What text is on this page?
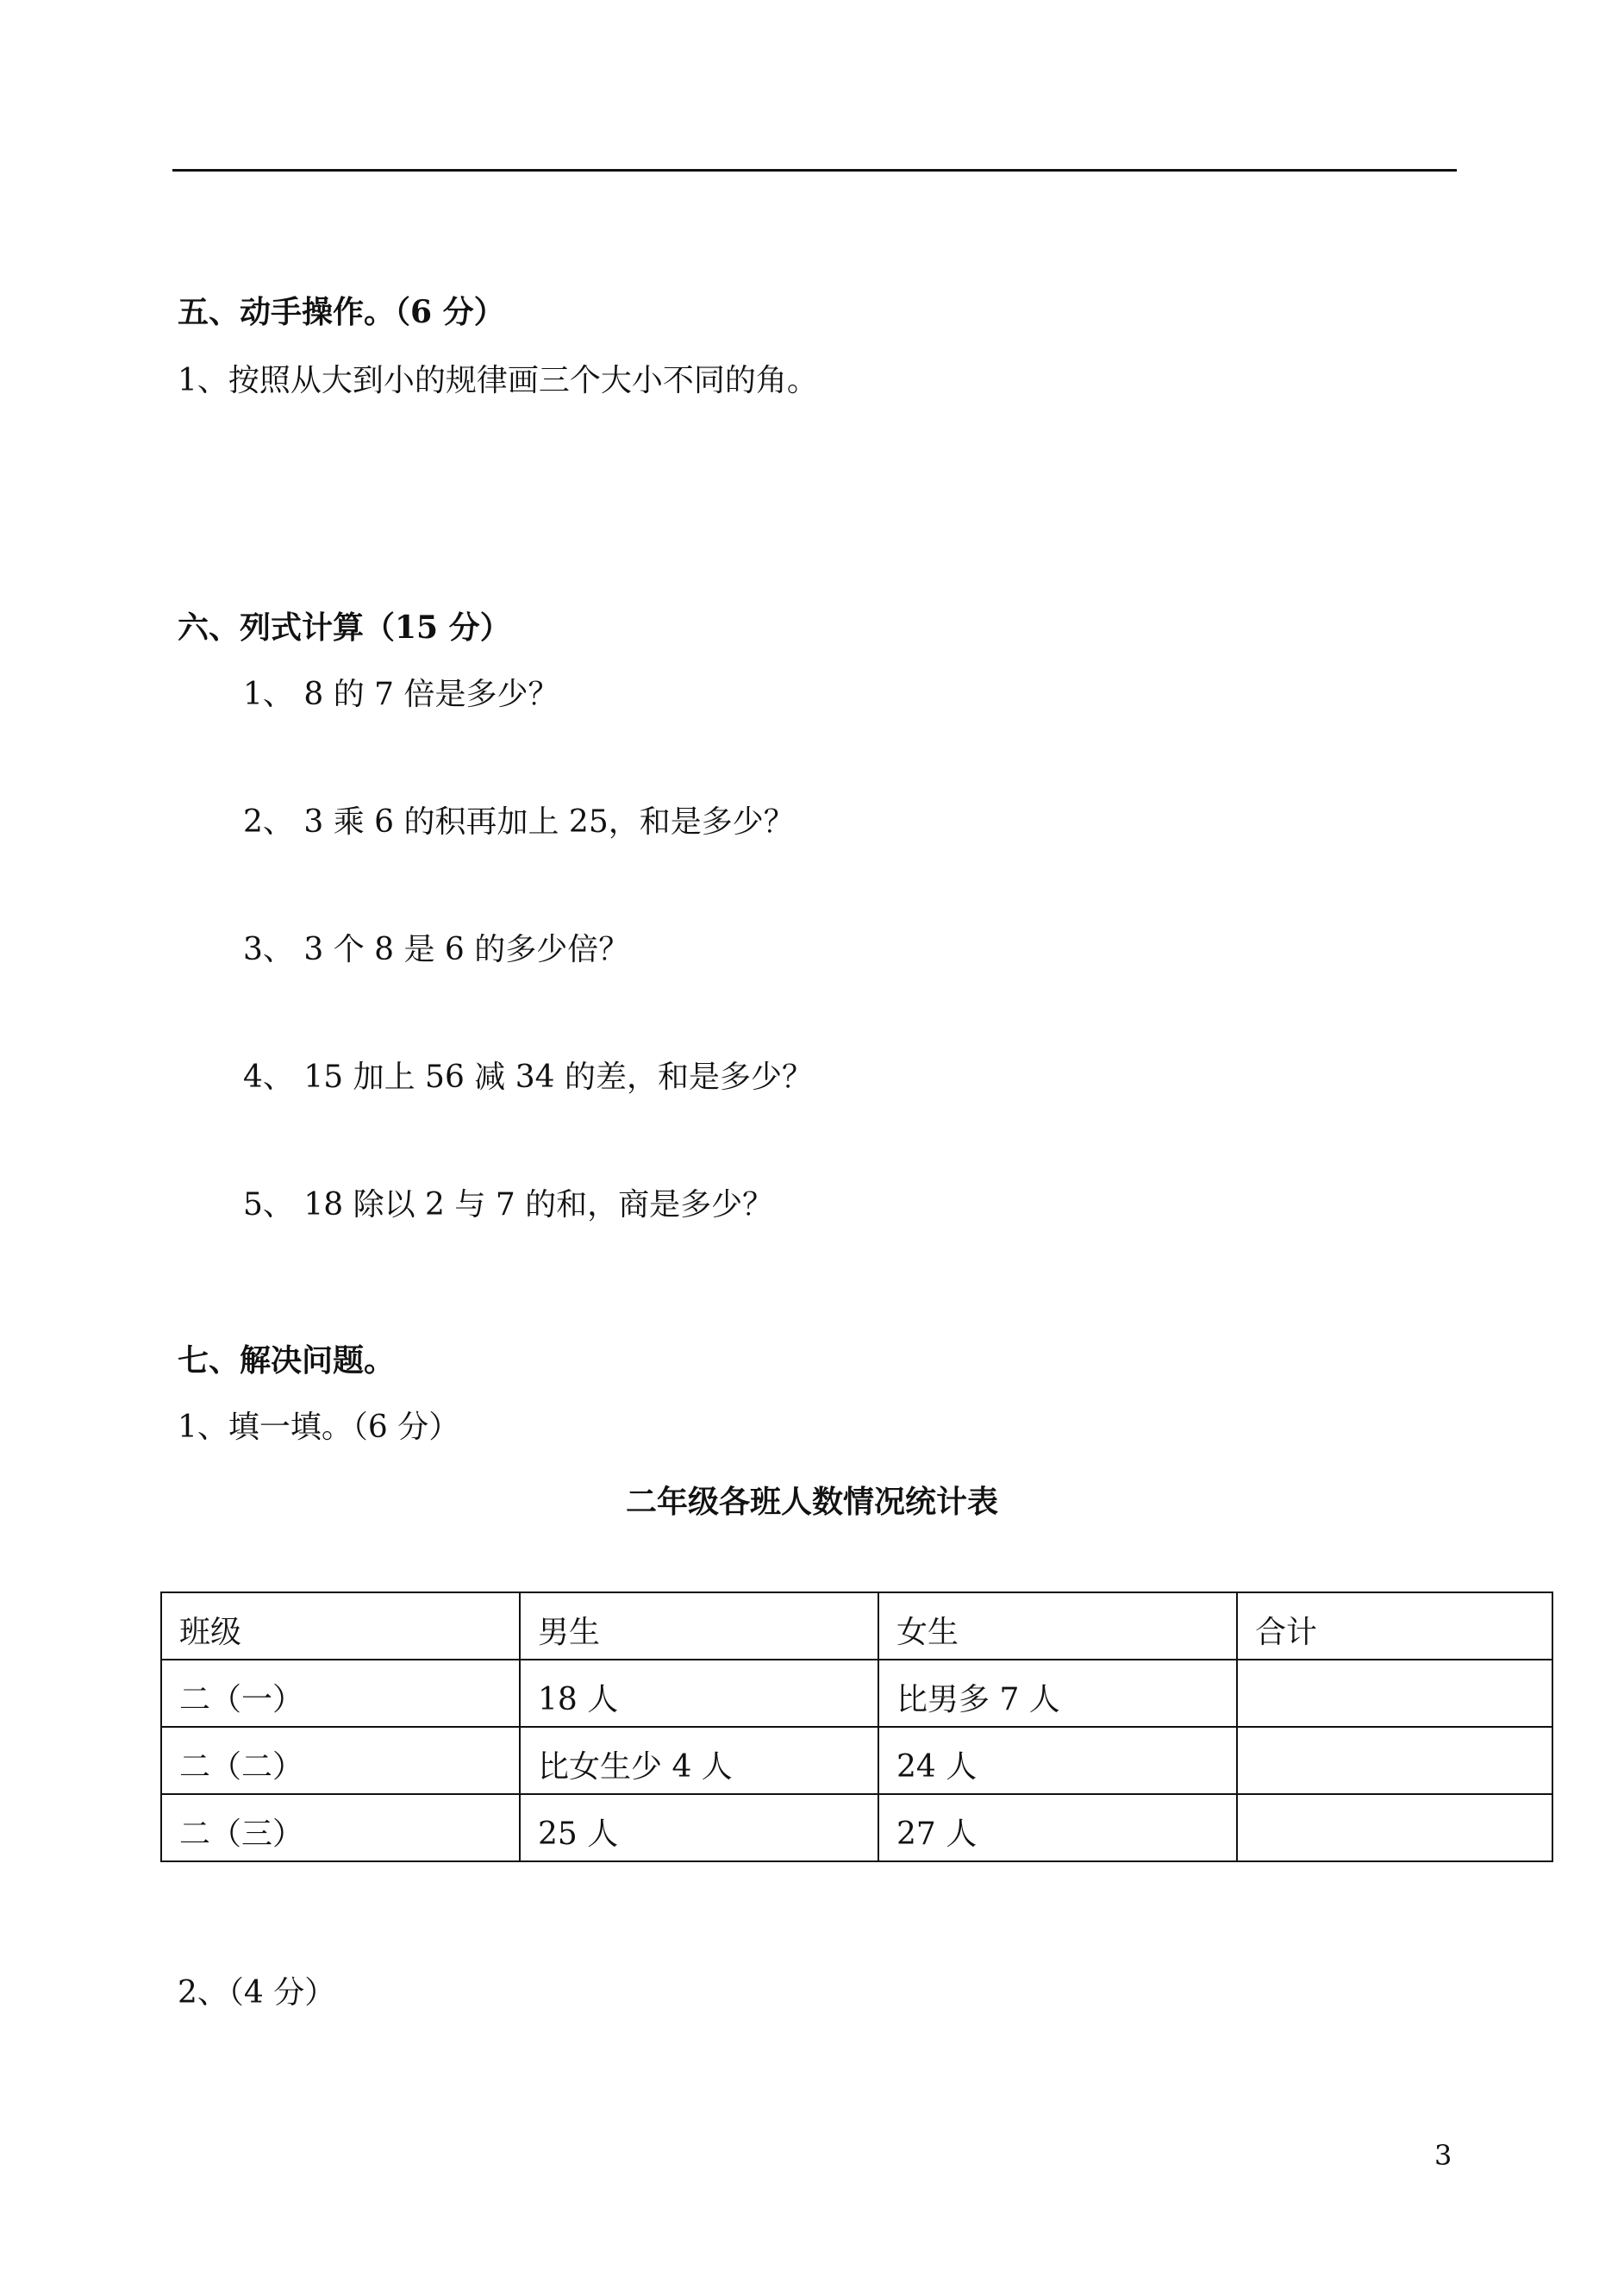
五、动手操作。（6 分）
1、按照从大到小的规律画三个大小不同的角。
六、列式计算（15 分）
1、 8 的 7 倍是多少？
2、 3 乘 6 的积再加上 25，和是多少？
3、 3 个 8 是 6 的多少倍？
4、 15 加上 56 减 34 的差，和是多少？
5、 18 除以 2 与 7 的和，商是多少？
七、解决问题。
1、填一填。（6 分）
二年级各班人数情况统计表
班级	男生	女生	合计
二（一）	18 人	比男多 7 人	
二（二）	比女生少 4 人	24 人	
二（三）	25 人	27 人	
2、（4 分）
3
